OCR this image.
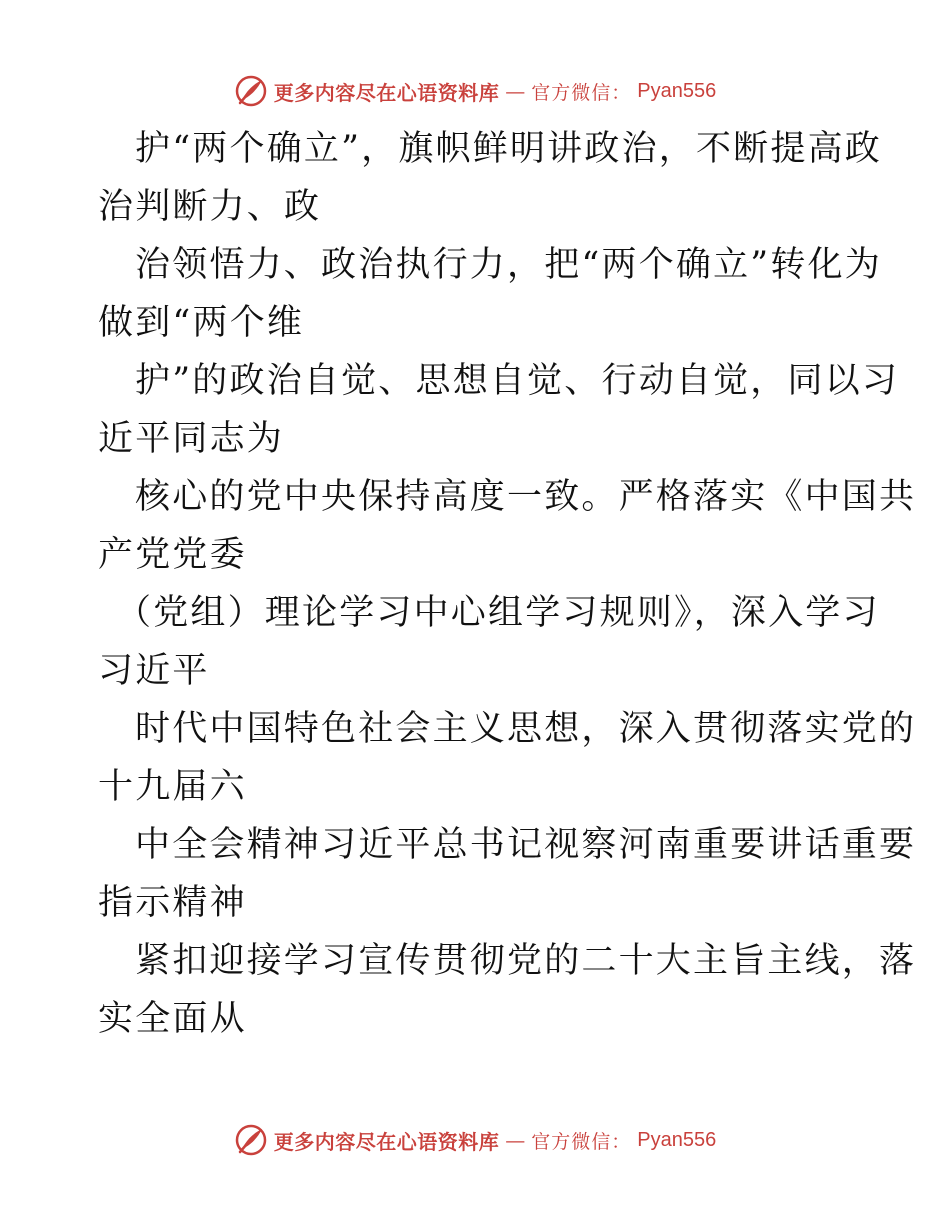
更多内容尽在心语资料库 — 官方微信： Pyan556
护“两个确立”，旗帜鲜明讲政治，不断提高政
治判断力、政
治领悟力、政治执行力，把“两个确立”转化为
做到“两个维
护”的政治自觉、思想自觉、行动自觉，同以习
近平同志为
核心的党中央保持高度一致。严格落实《中国共
产党党委
（党组）理论学习中心组学习规则》，深入学习
习近平
时代中国特色社会主义思想，深入贯彻落实党的
十九届六
中全会精神习近平总书记视察河南重要讲话重要
指示精神
紧扣迎接学习宣传贯彻党的二十大主旨主线，落
实全面从
更多内容尽在心语资料库 — 官方微信： Pyan556
